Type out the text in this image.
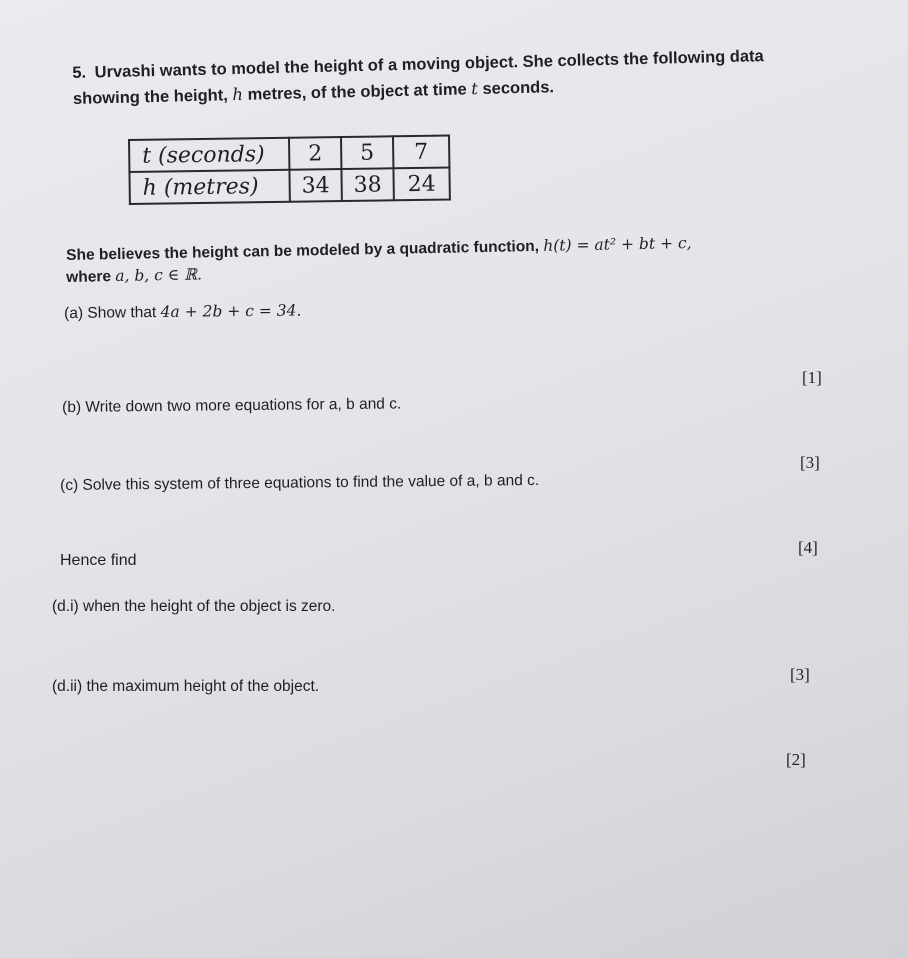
5. Urvashi wants to model the height of a moving object. She collects the following data
showing the height, h metres, of the object at time t seconds.
t (seconds)	2	5	7
h (metres)	34	38	24
She believes the height can be modeled by a quadratic function, h(t) = at² + bt + c,
where a, b, c ∈ ℝ.
(a) Show that 4a + 2b + c = 34.
(b) Write down two more equations for a, b and c.
(c) Solve this system of three equations to find the value of a, b and c.
Hence find
(d.i) when the height of the object is zero.
(d.ii) the maximum height of the object.
[1]
[3]
[4]
[3]
[2]
